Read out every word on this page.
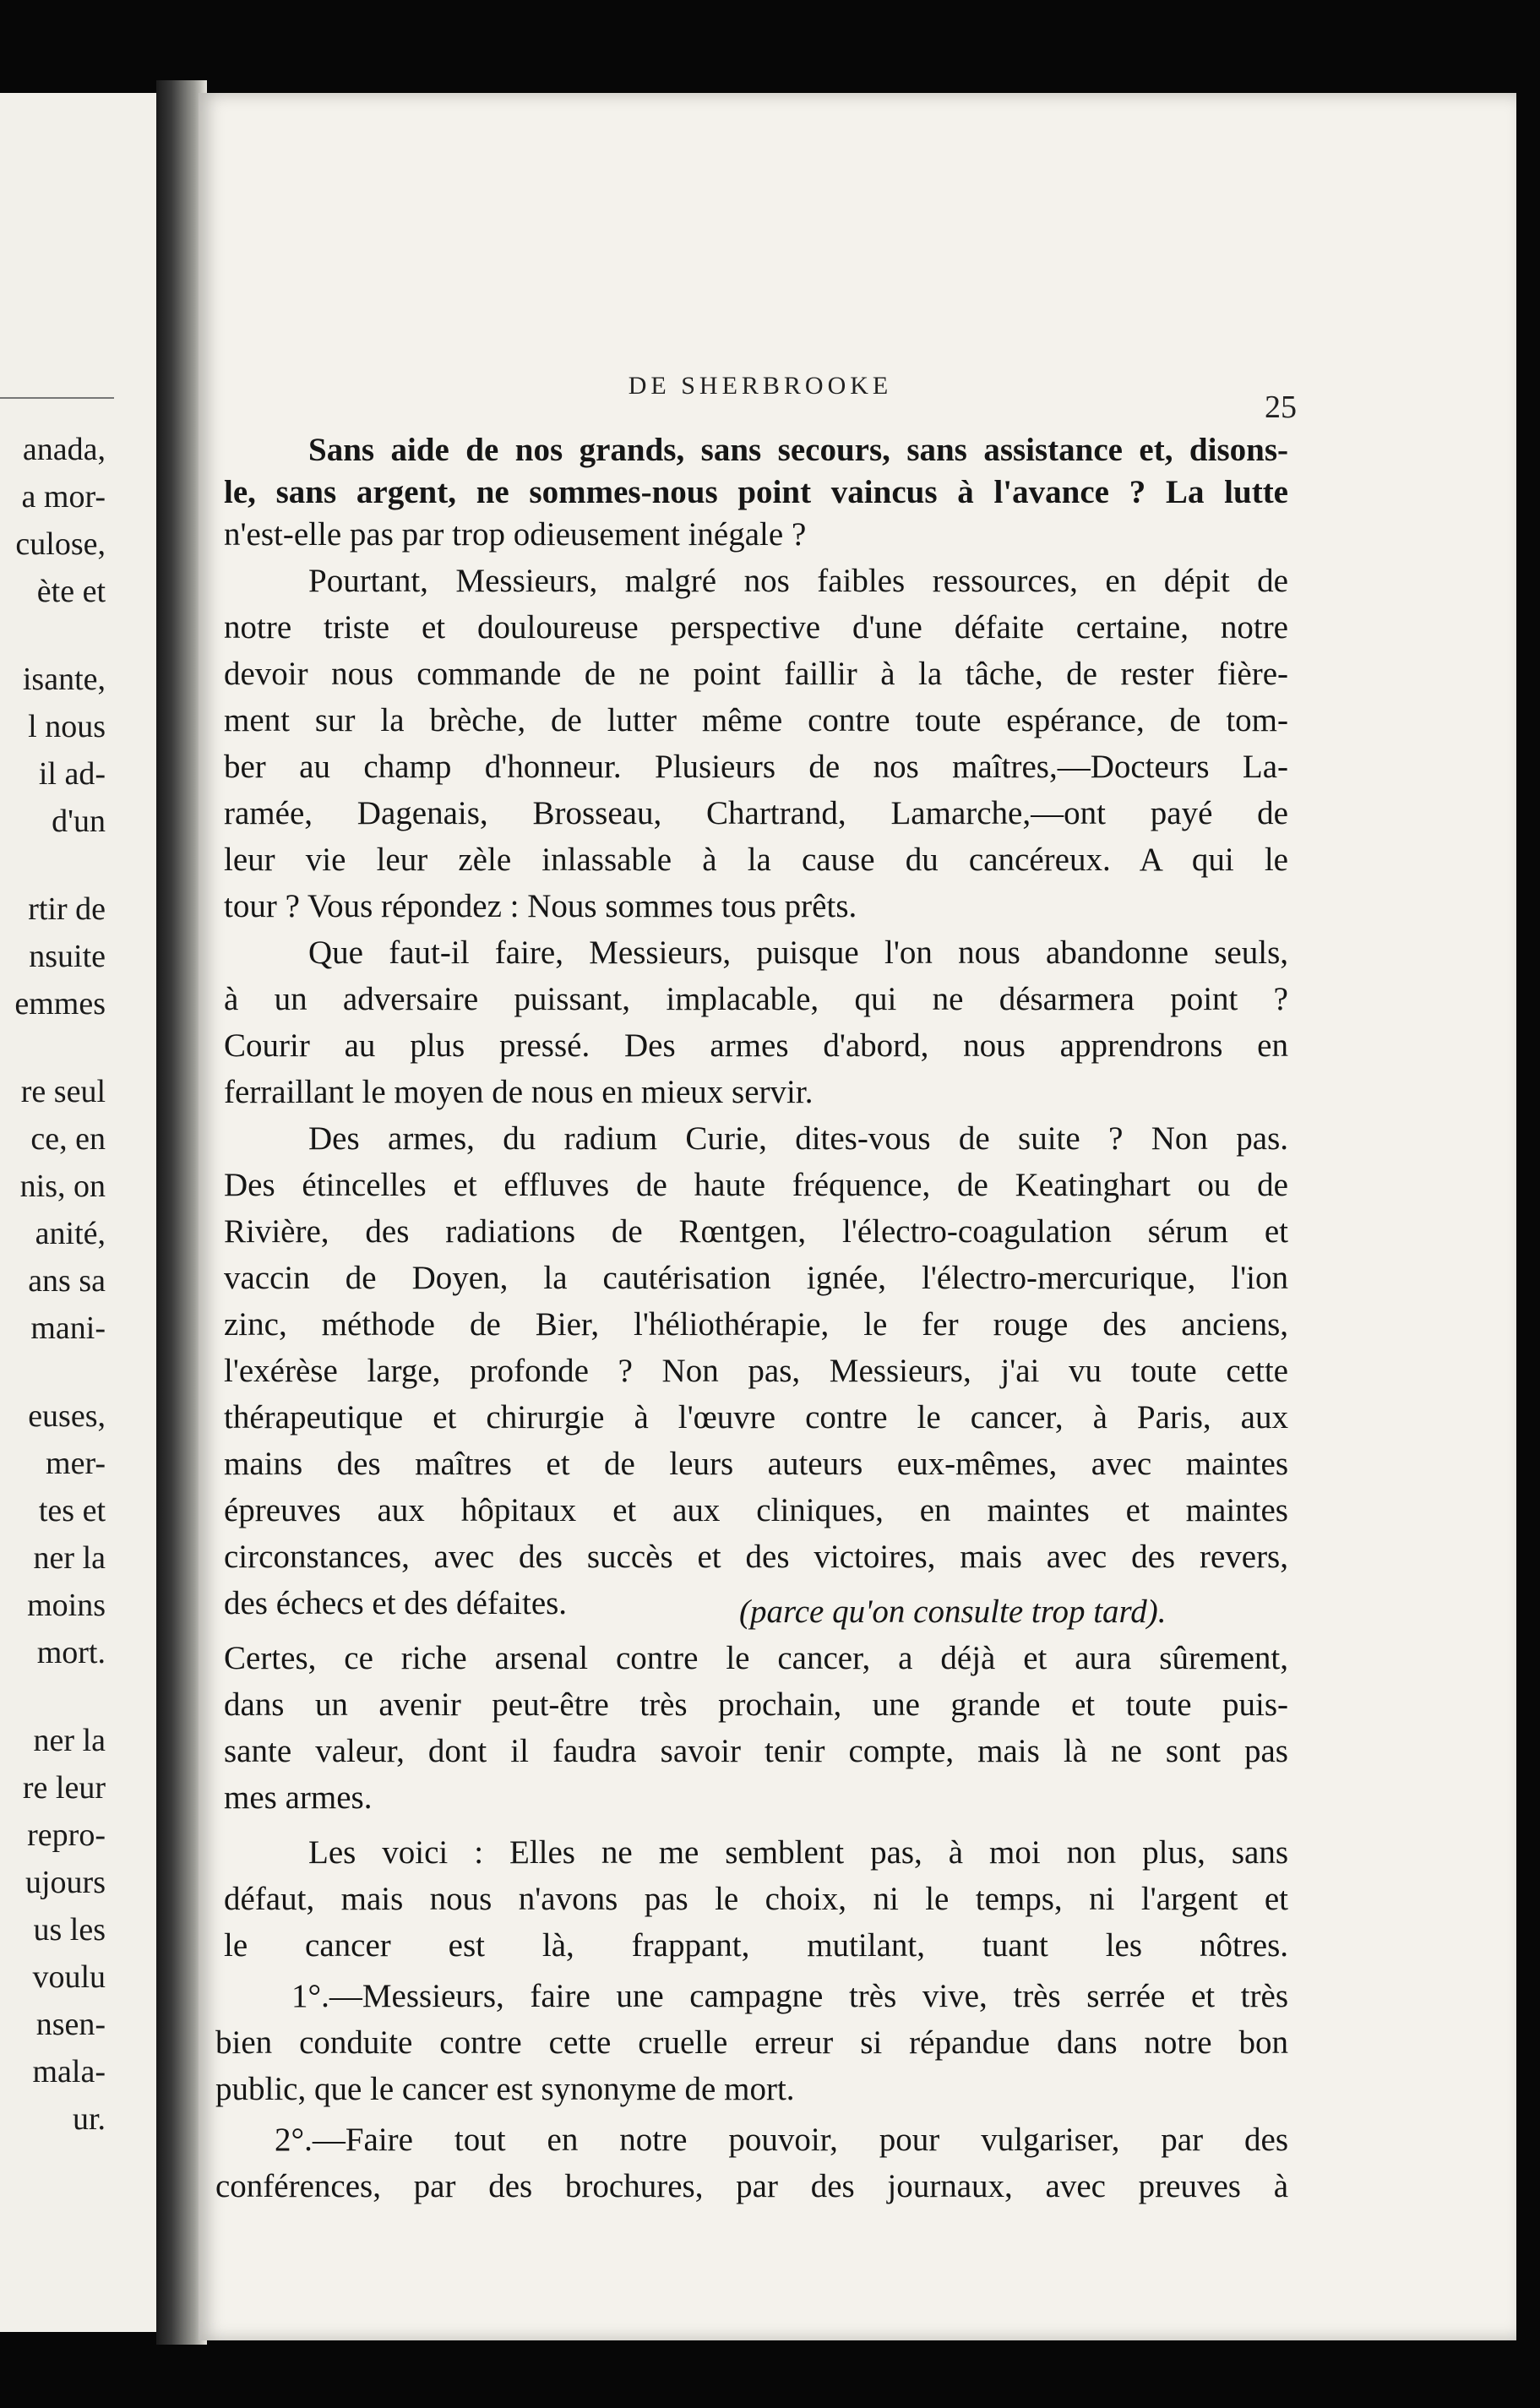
anada,
a mor-
culose,
ète et
isante,
l nous
il ad-
d'un
rtir de
nsuite
emmes
re seul
ce, en
nis, on
anité,
ans sa
mani-
euses,
mer-
tes et
ner la
moins
mort.
ner la
re leur
repro-
ujours
us les
voulu
nsen-
mala-
ur.
DE SHERBROOKE
25
Sans aide de nos grands, sans secours, sans assistance et, disons-
le, sans argent, ne sommes-nous point vaincus à l'avance ? La lutte
n'est-elle pas par trop odieusement inégale ?
Pourtant, Messieurs, malgré nos faibles ressources, en dépit de
notre triste et douloureuse perspective d'une défaite certaine, notre
devoir nous commande de ne point faillir à la tâche, de rester fière-
ment sur la brèche, de lutter même contre toute espérance, de tom-
ber au champ d'honneur. Plusieurs de nos maîtres,—Docteurs La-
ramée, Dagenais, Brosseau, Chartrand, Lamarche,—ont payé de
leur vie leur zèle inlassable à la cause du cancéreux. A qui le
tour ? Vous répondez : Nous sommes tous prêts.
Que faut-il faire, Messieurs, puisque l'on nous abandonne seuls,
à un adversaire puissant, implacable, qui ne désarmera point ?
Courir au plus pressé. Des armes d'abord, nous apprendrons en
ferraillant le moyen de nous en mieux servir.
Des armes, du radium Curie, dites-vous de suite ? Non pas.
Des étincelles et effluves de haute fréquence, de Keatinghart ou de
Rivière, des radiations de Rœntgen, l'électro-coagulation sérum et
vaccin de Doyen, la cautérisation ignée, l'électro-mercurique, l'ion
zinc, méthode de Bier, l'héliothérapie, le fer rouge des anciens,
l'exérèse large, profonde ? Non pas, Messieurs, j'ai vu toute cette
thérapeutique et chirurgie à l'œuvre contre le cancer, à Paris, aux
mains des maîtres et de leurs auteurs eux-mêmes, avec maintes
épreuves aux hôpitaux et aux cliniques, en maintes et maintes
circonstances, avec des succès et des victoires, mais avec des revers,
des échecs et des défaites.	(parce qu'on consulte trop tard).
Certes, ce riche arsenal contre le cancer, a déjà et aura sûrement,
dans un avenir peut-être très prochain, une grande et toute puis-
sante valeur, dont il faudra savoir tenir compte, mais là ne sont pas
mes armes.
Les voici : Elles ne me semblent pas, à moi non plus, sans
défaut, mais nous n'avons pas le choix, ni le temps, ni l'argent et
le cancer est là, frappant, mutilant, tuant les nôtres.
1°.—Messieurs, faire une campagne très vive, très serrée et très
bien conduite contre cette cruelle erreur si répandue dans notre bon
public, que le cancer est synonyme de mort.
2°.—Faire tout en notre pouvoir, pour vulgariser, par des
conférences, par des brochures, par des journaux, avec preuves à
